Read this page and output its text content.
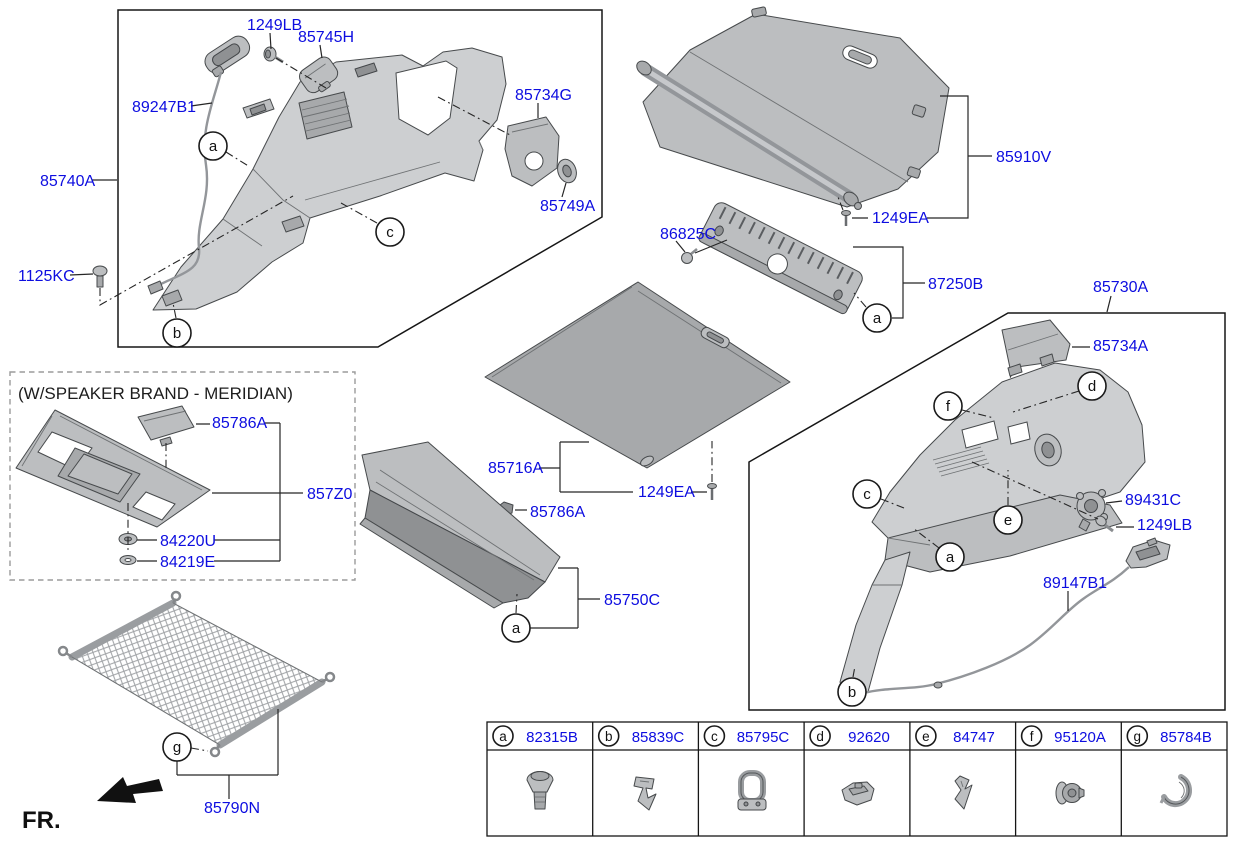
a
b
c
1249LB
85745H
89247B1
85740A
1125KC
85734G
85749A
85910V
1249EA
a
86825C
87250B
85716A
1249EA
85786A
a
85750C
(W/SPEAKER BRAND - MERIDIAN)
85786A
857Z0
84220U
84219E
g
85790N
85730A
85734A
89431C
1249LB
89147B1
d
f
c
e
a
b
a 82315B b 85839C c 85795C d 92620 e 84747	f 95120A g 85784B
FR.
